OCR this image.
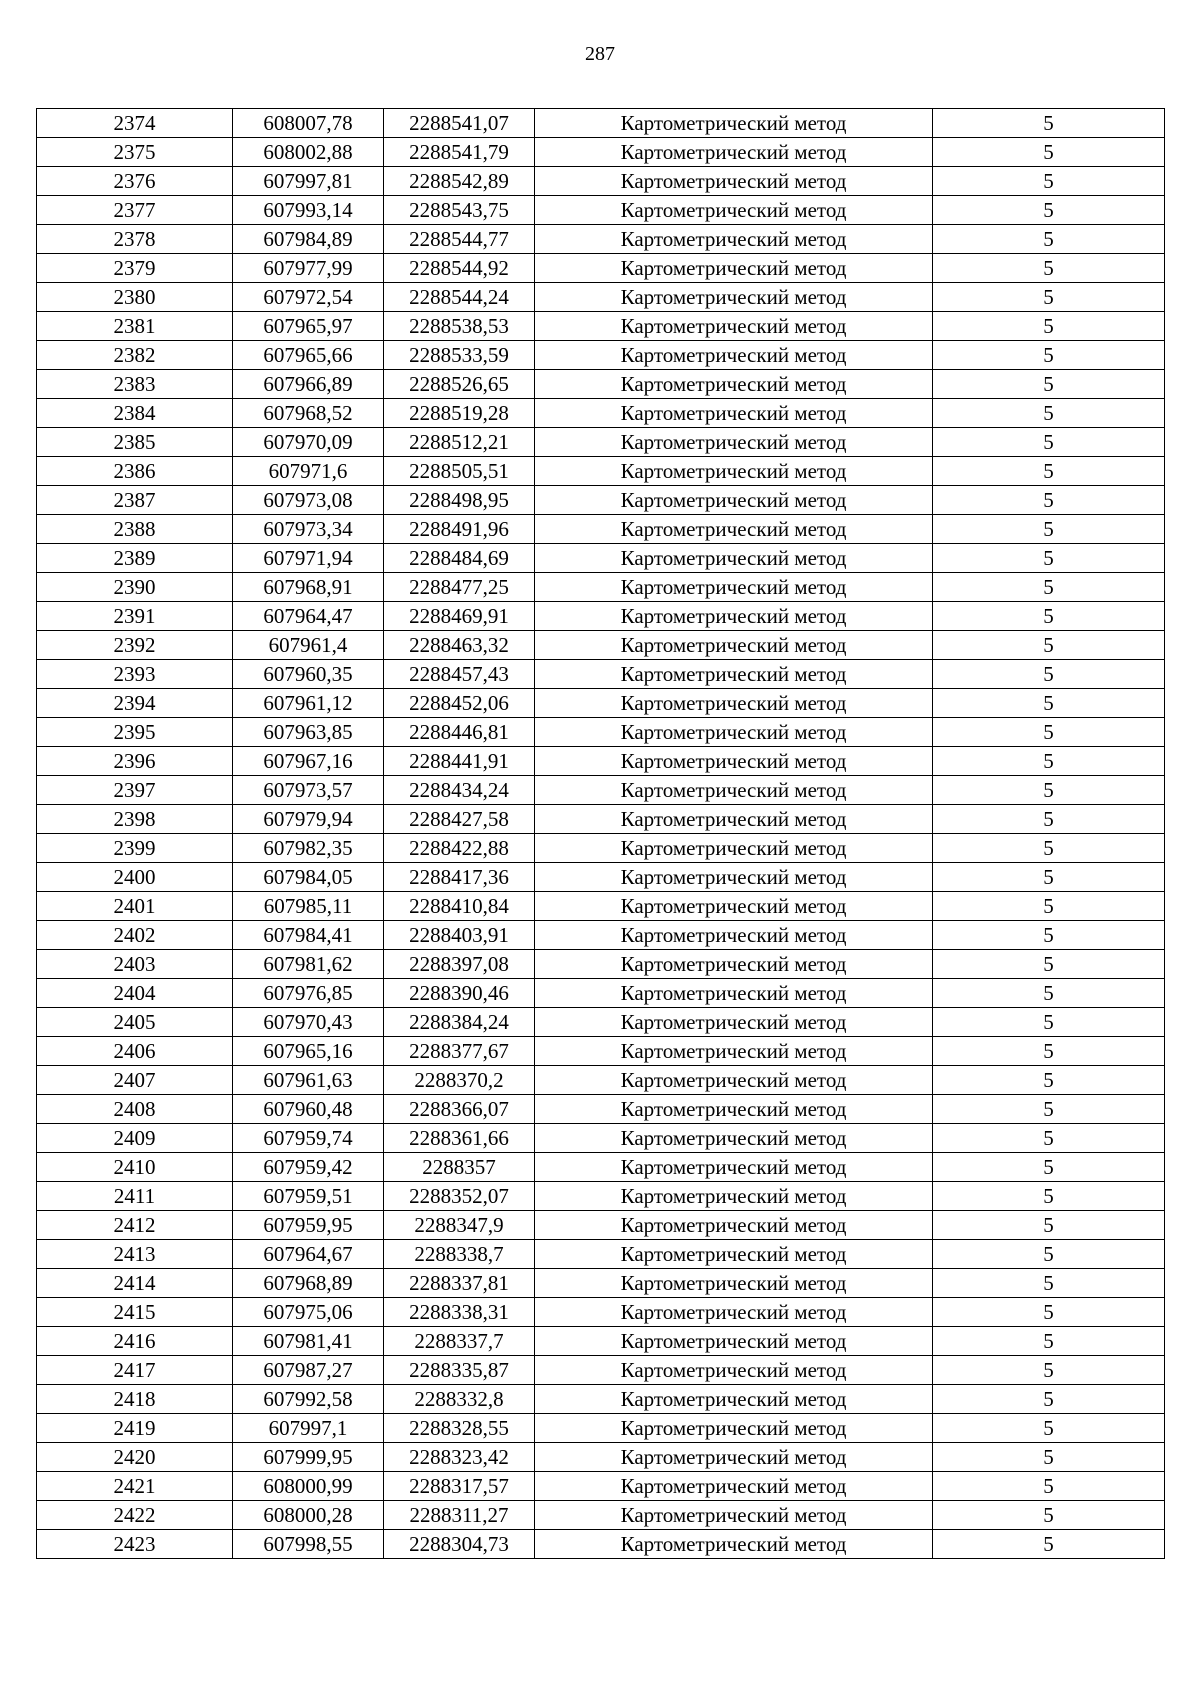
287
2374	608007,78	2288541,07	Картометрический метод	5
2375	608002,88	2288541,79	Картометрический метод	5
2376	607997,81	2288542,89	Картометрический метод	5
2377	607993,14	2288543,75	Картометрический метод	5
2378	607984,89	2288544,77	Картометрический метод	5
2379	607977,99	2288544,92	Картометрический метод	5
2380	607972,54	2288544,24	Картометрический метод	5
2381	607965,97	2288538,53	Картометрический метод	5
2382	607965,66	2288533,59	Картометрический метод	5
2383	607966,89	2288526,65	Картометрический метод	5
2384	607968,52	2288519,28	Картометрический метод	5
2385	607970,09	2288512,21	Картометрический метод	5
2386	607971,6	2288505,51	Картометрический метод	5
2387	607973,08	2288498,95	Картометрический метод	5
2388	607973,34	2288491,96	Картометрический метод	5
2389	607971,94	2288484,69	Картометрический метод	5
2390	607968,91	2288477,25	Картометрический метод	5
2391	607964,47	2288469,91	Картометрический метод	5
2392	607961,4	2288463,32	Картометрический метод	5
2393	607960,35	2288457,43	Картометрический метод	5
2394	607961,12	2288452,06	Картометрический метод	5
2395	607963,85	2288446,81	Картометрический метод	5
2396	607967,16	2288441,91	Картометрический метод	5
2397	607973,57	2288434,24	Картометрический метод	5
2398	607979,94	2288427,58	Картометрический метод	5
2399	607982,35	2288422,88	Картометрический метод	5
2400	607984,05	2288417,36	Картометрический метод	5
2401	607985,11	2288410,84	Картометрический метод	5
2402	607984,41	2288403,91	Картометрический метод	5
2403	607981,62	2288397,08	Картометрический метод	5
2404	607976,85	2288390,46	Картометрический метод	5
2405	607970,43	2288384,24	Картометрический метод	5
2406	607965,16	2288377,67	Картометрический метод	5
2407	607961,63	2288370,2	Картометрический метод	5
2408	607960,48	2288366,07	Картометрический метод	5
2409	607959,74	2288361,66	Картометрический метод	5
2410	607959,42	2288357	Картометрический метод	5
2411	607959,51	2288352,07	Картометрический метод	5
2412	607959,95	2288347,9	Картометрический метод	5
2413	607964,67	2288338,7	Картометрический метод	5
2414	607968,89	2288337,81	Картометрический метод	5
2415	607975,06	2288338,31	Картометрический метод	5
2416	607981,41	2288337,7	Картометрический метод	5
2417	607987,27	2288335,87	Картометрический метод	5
2418	607992,58	2288332,8	Картометрический метод	5
2419	607997,1	2288328,55	Картометрический метод	5
2420	607999,95	2288323,42	Картометрический метод	5
2421	608000,99	2288317,57	Картометрический метод	5
2422	608000,28	2288311,27	Картометрический метод	5
2423	607998,55	2288304,73	Картометрический метод	5
